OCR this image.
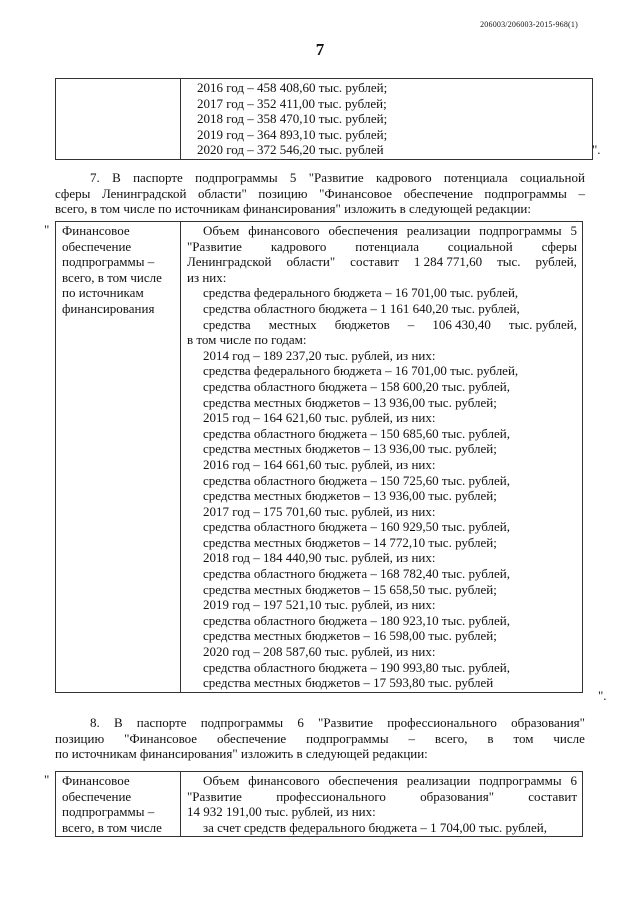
206003/206003-2015-968(1)
7

2016 год – 458 408,60 тыс. рублей;
2017 год – 352 411,00 тыс. рублей;
2018 год – 358 470,10 тыс. рублей;
2019 год – 364 893,10 тыс. рублей;
2020 год – 372 546,20 тыс. рублей	".
7. В паспорте подпрограммы 5 "Развитие кадрового потенциала социальной
сферы Ленинградской области" позицию "Финансовое обеспечение подпрограммы –
всего, в том числе по источникам финансирования" изложить в следующей редакции:
" Финансовое
обеспечение
подпрограммы –
всего, в том числе
по источникам
финансирования

Объем финансового обеспечения реализации подпрограммы 5
"Развитие кадрового потенциала социальной сферы
Ленинградской области" составит 1 284 771,60 тыс. рублей,
из них:
средства федерального бюджета – 16 701,00 тыс. рублей,
средства областного бюджета – 1 161 640,20 тыс. рублей,
средства местных бюджетов – 106 430,40 тыс. рублей,
в том числе по годам:
2014 год – 189 237,20 тыс. рублей, из них:
средства федерального бюджета – 16 701,00 тыс. рублей,
средства областного бюджета – 158 600,20 тыс. рублей,
средства местных бюджетов – 13 936,00 тыс. рублей;
2015 год – 164 621,60 тыс. рублей, из них:
средства областного бюджета – 150 685,60 тыс. рублей,
средства местных бюджетов – 13 936,00 тыс. рублей;
2016 год – 164 661,60 тыс. рублей, из них:
средства областного бюджета – 150 725,60 тыс. рублей,
средства местных бюджетов – 13 936,00 тыс. рублей;
2017 год – 175 701,60 тыс. рублей, из них:
средства областного бюджета – 160 929,50 тыс. рублей,
средства местных бюджетов – 14 772,10 тыс. рублей;
2018 год – 184 440,90 тыс. рублей, из них:
средства областного бюджета – 168 782,40 тыс. рублей,
средства местных бюджетов – 15 658,50 тыс. рублей;
2019 год – 197 521,10 тыс. рублей, из них:
средства областного бюджета – 180 923,10 тыс. рублей,
средства местных бюджетов – 16 598,00 тыс. рублей;
2020 год – 208 587,60 тыс. рублей, из них:
средства областного бюджета – 190 993,80 тыс. рублей,
средства местных бюджетов – 17 593,80 тыс. рублей
".
8. В паспорте подпрограммы 6 "Развитие профессионального образования"
позицию "Финансовое обеспечение подпрограммы – всего, в том числе
по источникам финансирования" изложить в следующей редакции:
" Финансовое
обеспечение
подпрограммы –
всего, в том числе

Объем финансового обеспечения реализации подпрограммы 6
"Развитие	профессионального	образования"	составит
14 932 191,00 тыс. рублей, из них:
за счет средств федерального бюджета – 1 704,00 тыс. рублей,
